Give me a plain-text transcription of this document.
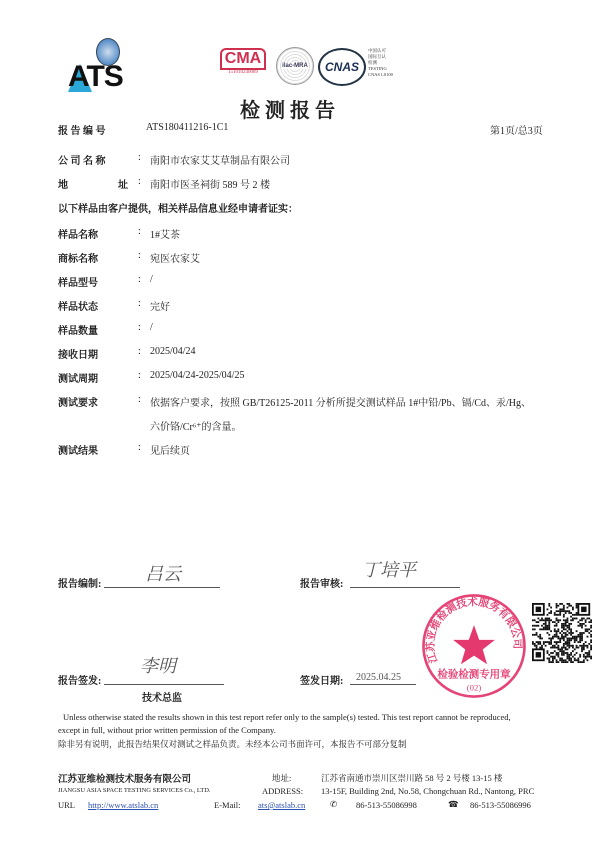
ATS
CMA
151010240089
ilac-MRA CNAS
中国认可
国际互认
检测
TESTING
CNAS L0100
检 测 报 告
报 告 编 号	ATS180411216-1C1	第1页/总3页
公 司 名 称	: 南阳市农家艾艾草制品有限公司
地	址 : 南阳市医圣祠街 589 号 2 楼
以下样品由客户提供，相关样品信息业经申请者证实：
样品名称	: 1#艾茶
商标名称	: 宛医农家艾
样品型号	: /
样品状态	: 完好
样品数量	: /
接收日期	: 2025/04/24
测试周期	: 2025/04/24-2025/04/25
测试要求	: 依据客户要求，按照 GB/T26125-2011 分析所提交测试样品 1#中铅/Pb、镉/Cd、汞/Hg、
六价铬/Cr⁶⁺的含量。
测试结果	: 见后续页
报告编制:
吕云
报告审核:
丁培平
报告签发:
李明
技术总监
签发日期: 2025.04.25
江苏亚维检测技术服务有限公司
检验检测专用章
(02)
Unless otherwise stated the results shown in this test report refer only to the sample(s) tested. This test report cannot be reproduced,
except in full, without prior written permission of the Company.
除非另有说明，此报告结果仅对测试之样品负责。未经本公司书面许可，本报告不可部分复制
江苏亚维检测技术服务有限公司
JIANGSU ASIA SPACE TESTING SERVICES Co., LTD.
地址:
ADDRESS:
江苏省南通市崇川区崇川路 58 号 2 号楼 13-15 楼
13-15F, Building 2nd, No.58, Chongchuan Rd., Nantong, PRC
URL http://www.atslab.cn	E-Mail: ats@atslab.cn	✆ 86-513-55086998	☎ 86-513-55086996
